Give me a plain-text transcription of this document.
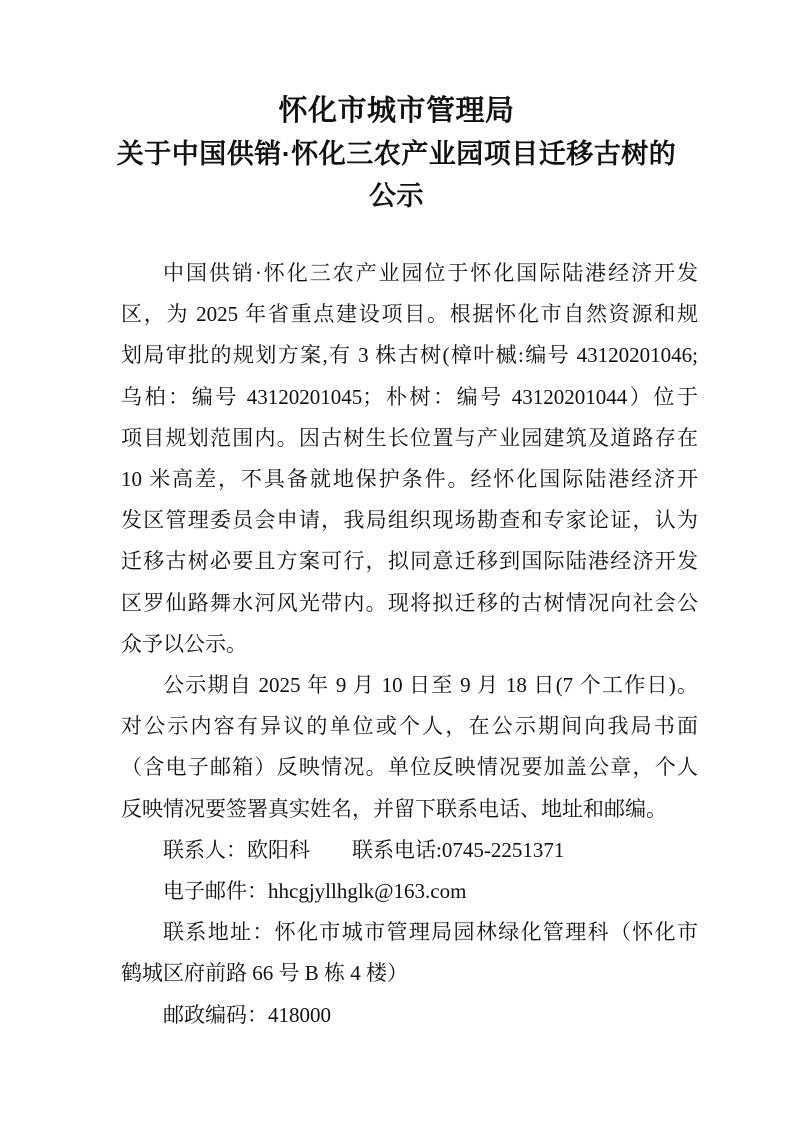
怀化市城市管理局
关于中国供销·怀化三农产业园项目迁移古树的
公示
中国供销·怀化三农产业园位于怀化国际陆港经济开发
区，为 2025 年省重点建设项目。根据怀化市自然资源和规
划局审批的规划方案,有 3 株古树(樟叶槭:编号 43120201046;
乌柏：编号 43120201045；朴树：编号 43120201044）位于
项目规划范围内。因古树生长位置与产业园建筑及道路存在
10 米高差，不具备就地保护条件。经怀化国际陆港经济开
发区管理委员会申请，我局组织现场勘查和专家论证，认为
迁移古树必要且方案可行，拟同意迁移到国际陆港经济开发
区罗仙路舞水河风光带内。现将拟迁移的古树情况向社会公
众予以公示。
公示期自 2025 年 9 月 10 日至 9 月 18 日(7 个工作日)。
对公示内容有异议的单位或个人，在公示期间向我局书面
（含电子邮箱）反映情况。单位反映情况要加盖公章，个人
反映情况要签署真实姓名，并留下联系电话、地址和邮编。
联系人：欧阳科　　联系电话:0745-2251371
电子邮件：hhcgjyllhglk@163.com
联系地址：怀化市城市管理局园林绿化管理科（怀化市
鹤城区府前路 66 号 B 栋 4 楼）
邮政编码：418000
